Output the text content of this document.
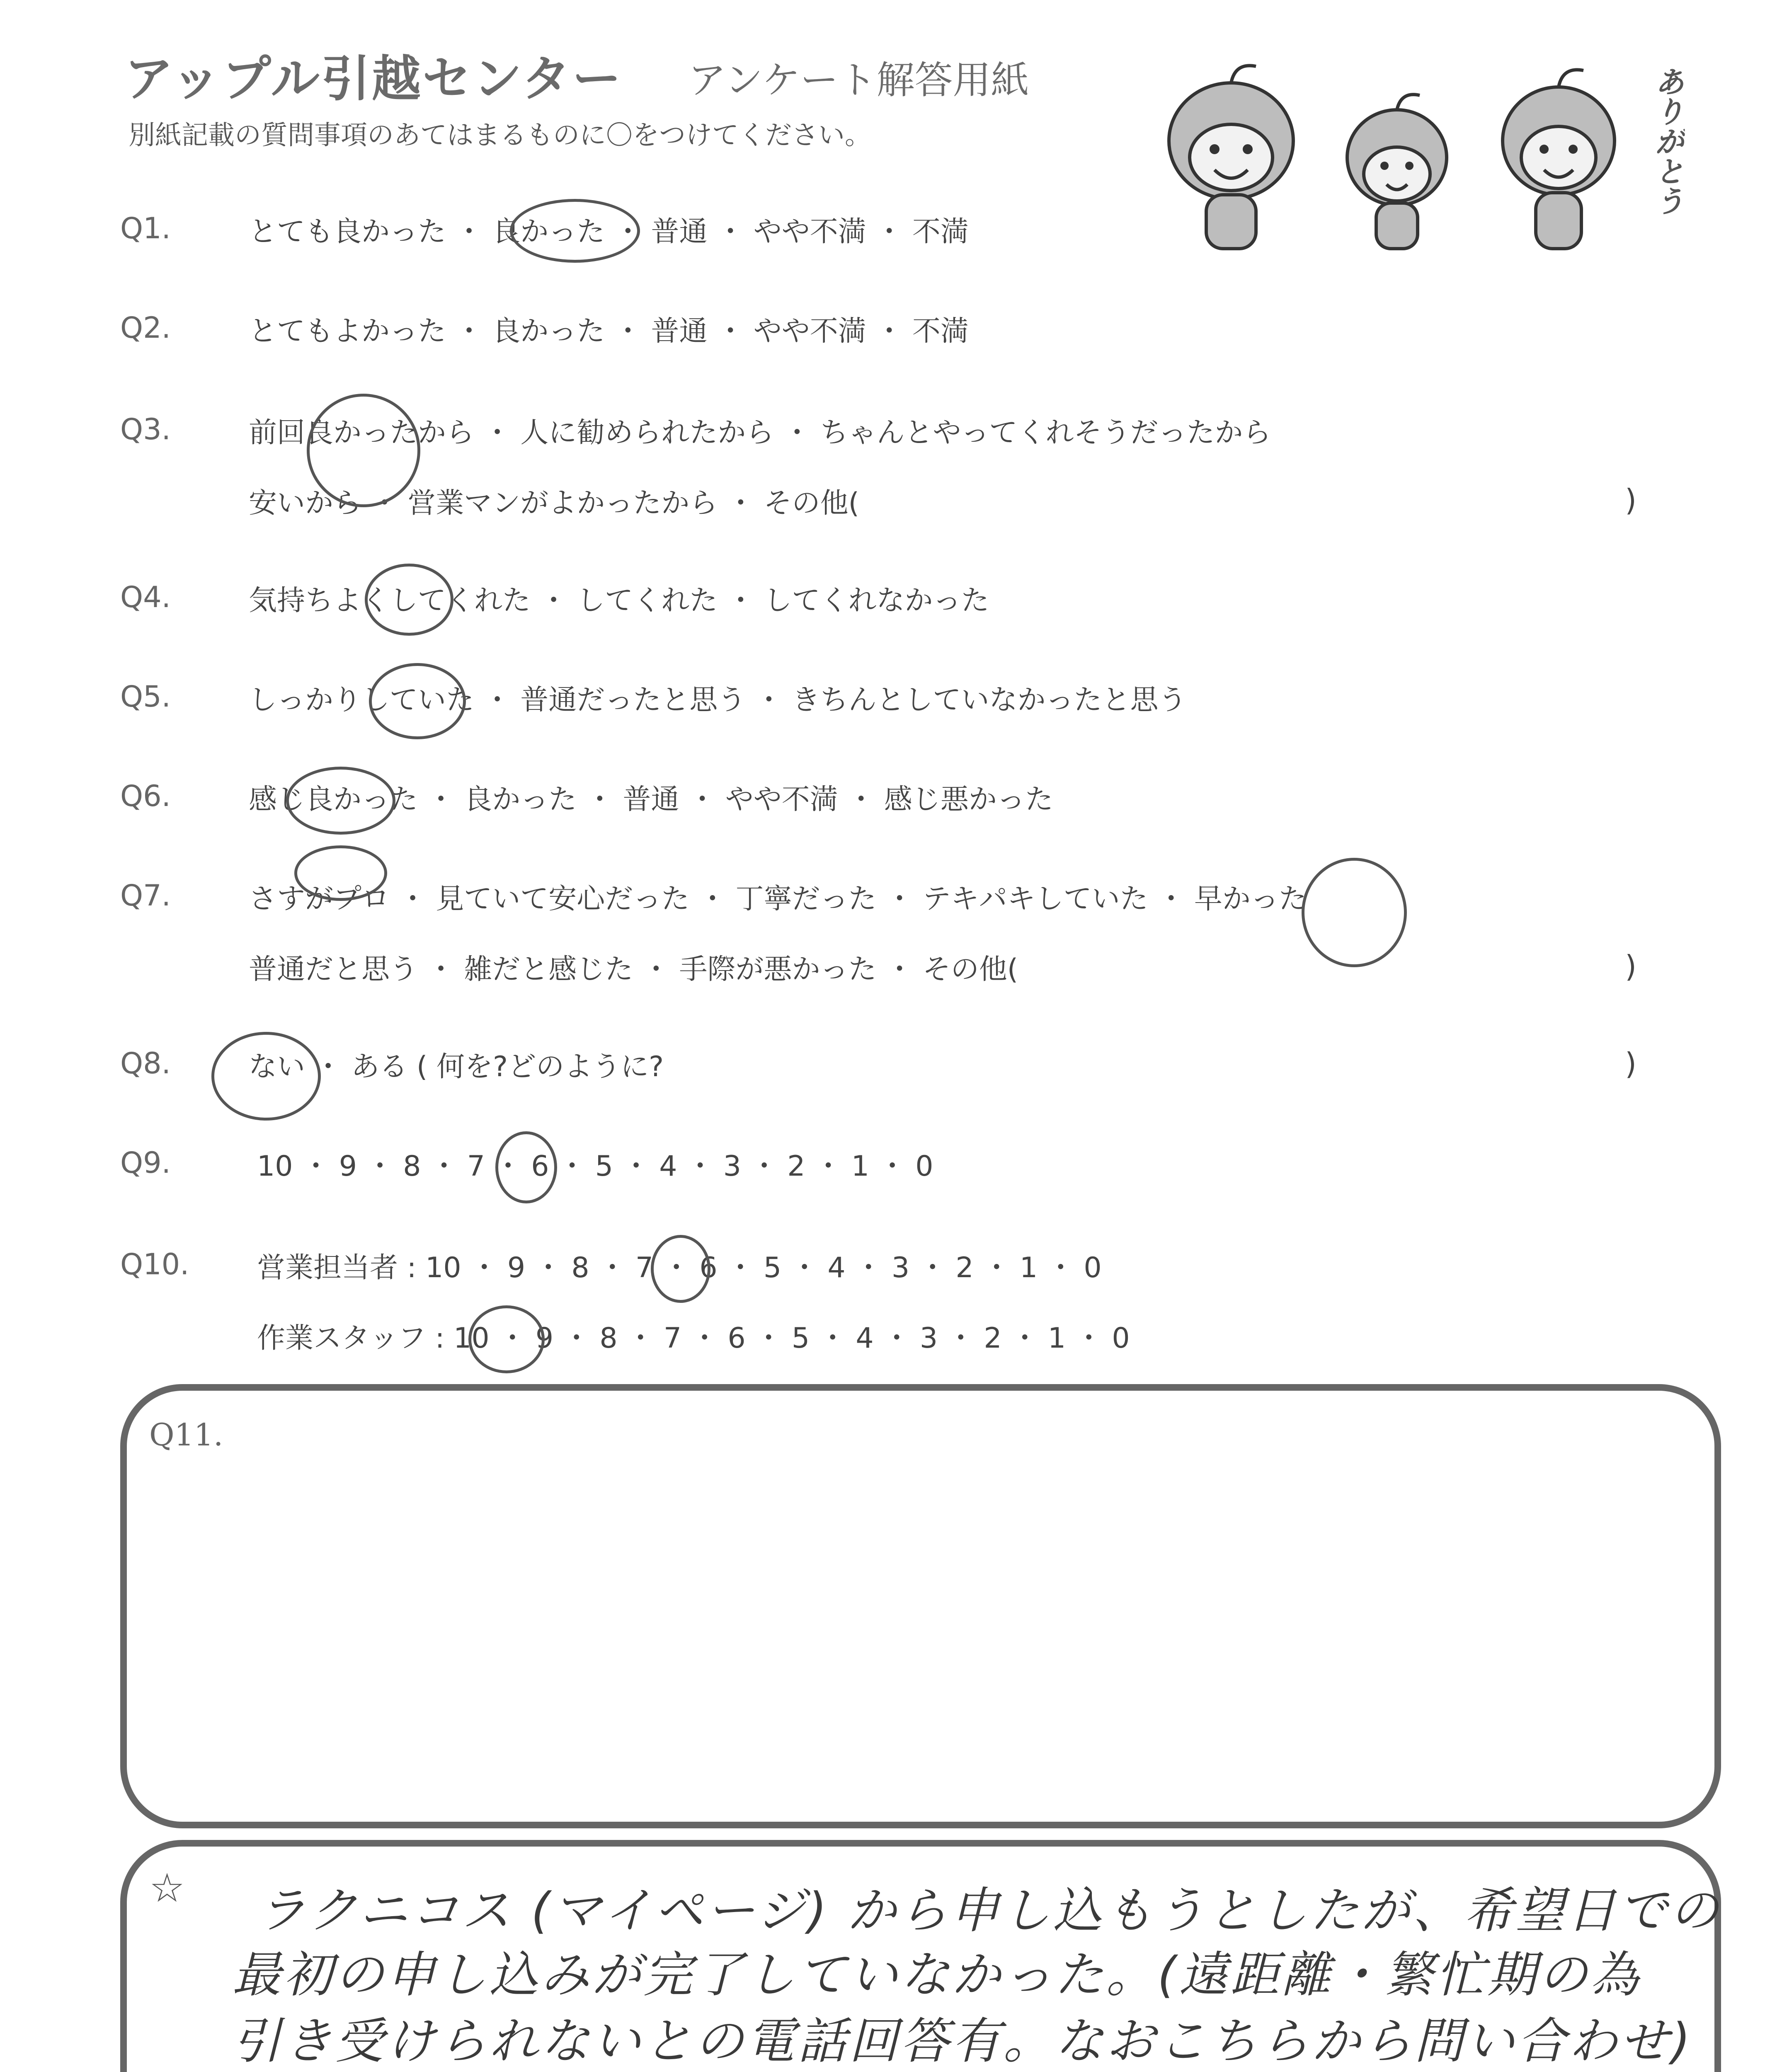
アップル引越センター アンケート解答用紙
別紙記載の質問事項のあてはまるものに〇をつけてください。	ありがとう
Q1.	とても良かった ・ 良かった ・ 普通 ・ やや不満 ・ 不満
Q2.	とてもよかった ・ 良かった ・ 普通 ・ やや不満 ・ 不満
Q3.	前回良かったから ・ 人に勧められたから ・ ちゃんとやってくれそうだったから
安いから ・ 営業マンがよかったから ・ その他(	)
Q4.	気持ちよくしてくれた ・ してくれた ・ してくれなかった
Q5.	しっかりしていた ・ 普通だったと思う ・ きちんとしていなかったと思う
Q6.	感じ良かった ・ 良かった ・ 普通 ・ やや不満 ・ 感じ悪かった
Q7.	さすがプロ ・ 見ていて安心だった ・ 丁寧だった ・ テキパキしていた ・ 早かった
普通だと思う ・ 雑だと感じた ・ 手際が悪かった ・ その他(	)
Q8.	ない ・ ある ( 何を?どのように?	)
Q9.	10 ・ 9 ・ 8 ・ 7 ・ 6 ・ 5 ・ 4 ・ 3 ・ 2 ・ 1 ・ 0
Q10. 営業担当者 : 10 ・ 9 ・ 8 ・ 7 ・ 6 ・ 5 ・ 4 ・ 3 ・ 2 ・ 1 ・ 0
作業スタッフ : 10 ・ 9 ・ 8 ・ 7 ・ 6 ・ 5 ・ 4 ・ 3 ・ 2 ・ 1 ・ 0
Q11.
☆ ラクニコス (マイページ) から申し込もうとしたが、希望日での
最初の申し込みが完了していなかった。(遠距離・繁忙期の為
引き受けられないとの電話回答有。なおこちらから問い合わせ)
